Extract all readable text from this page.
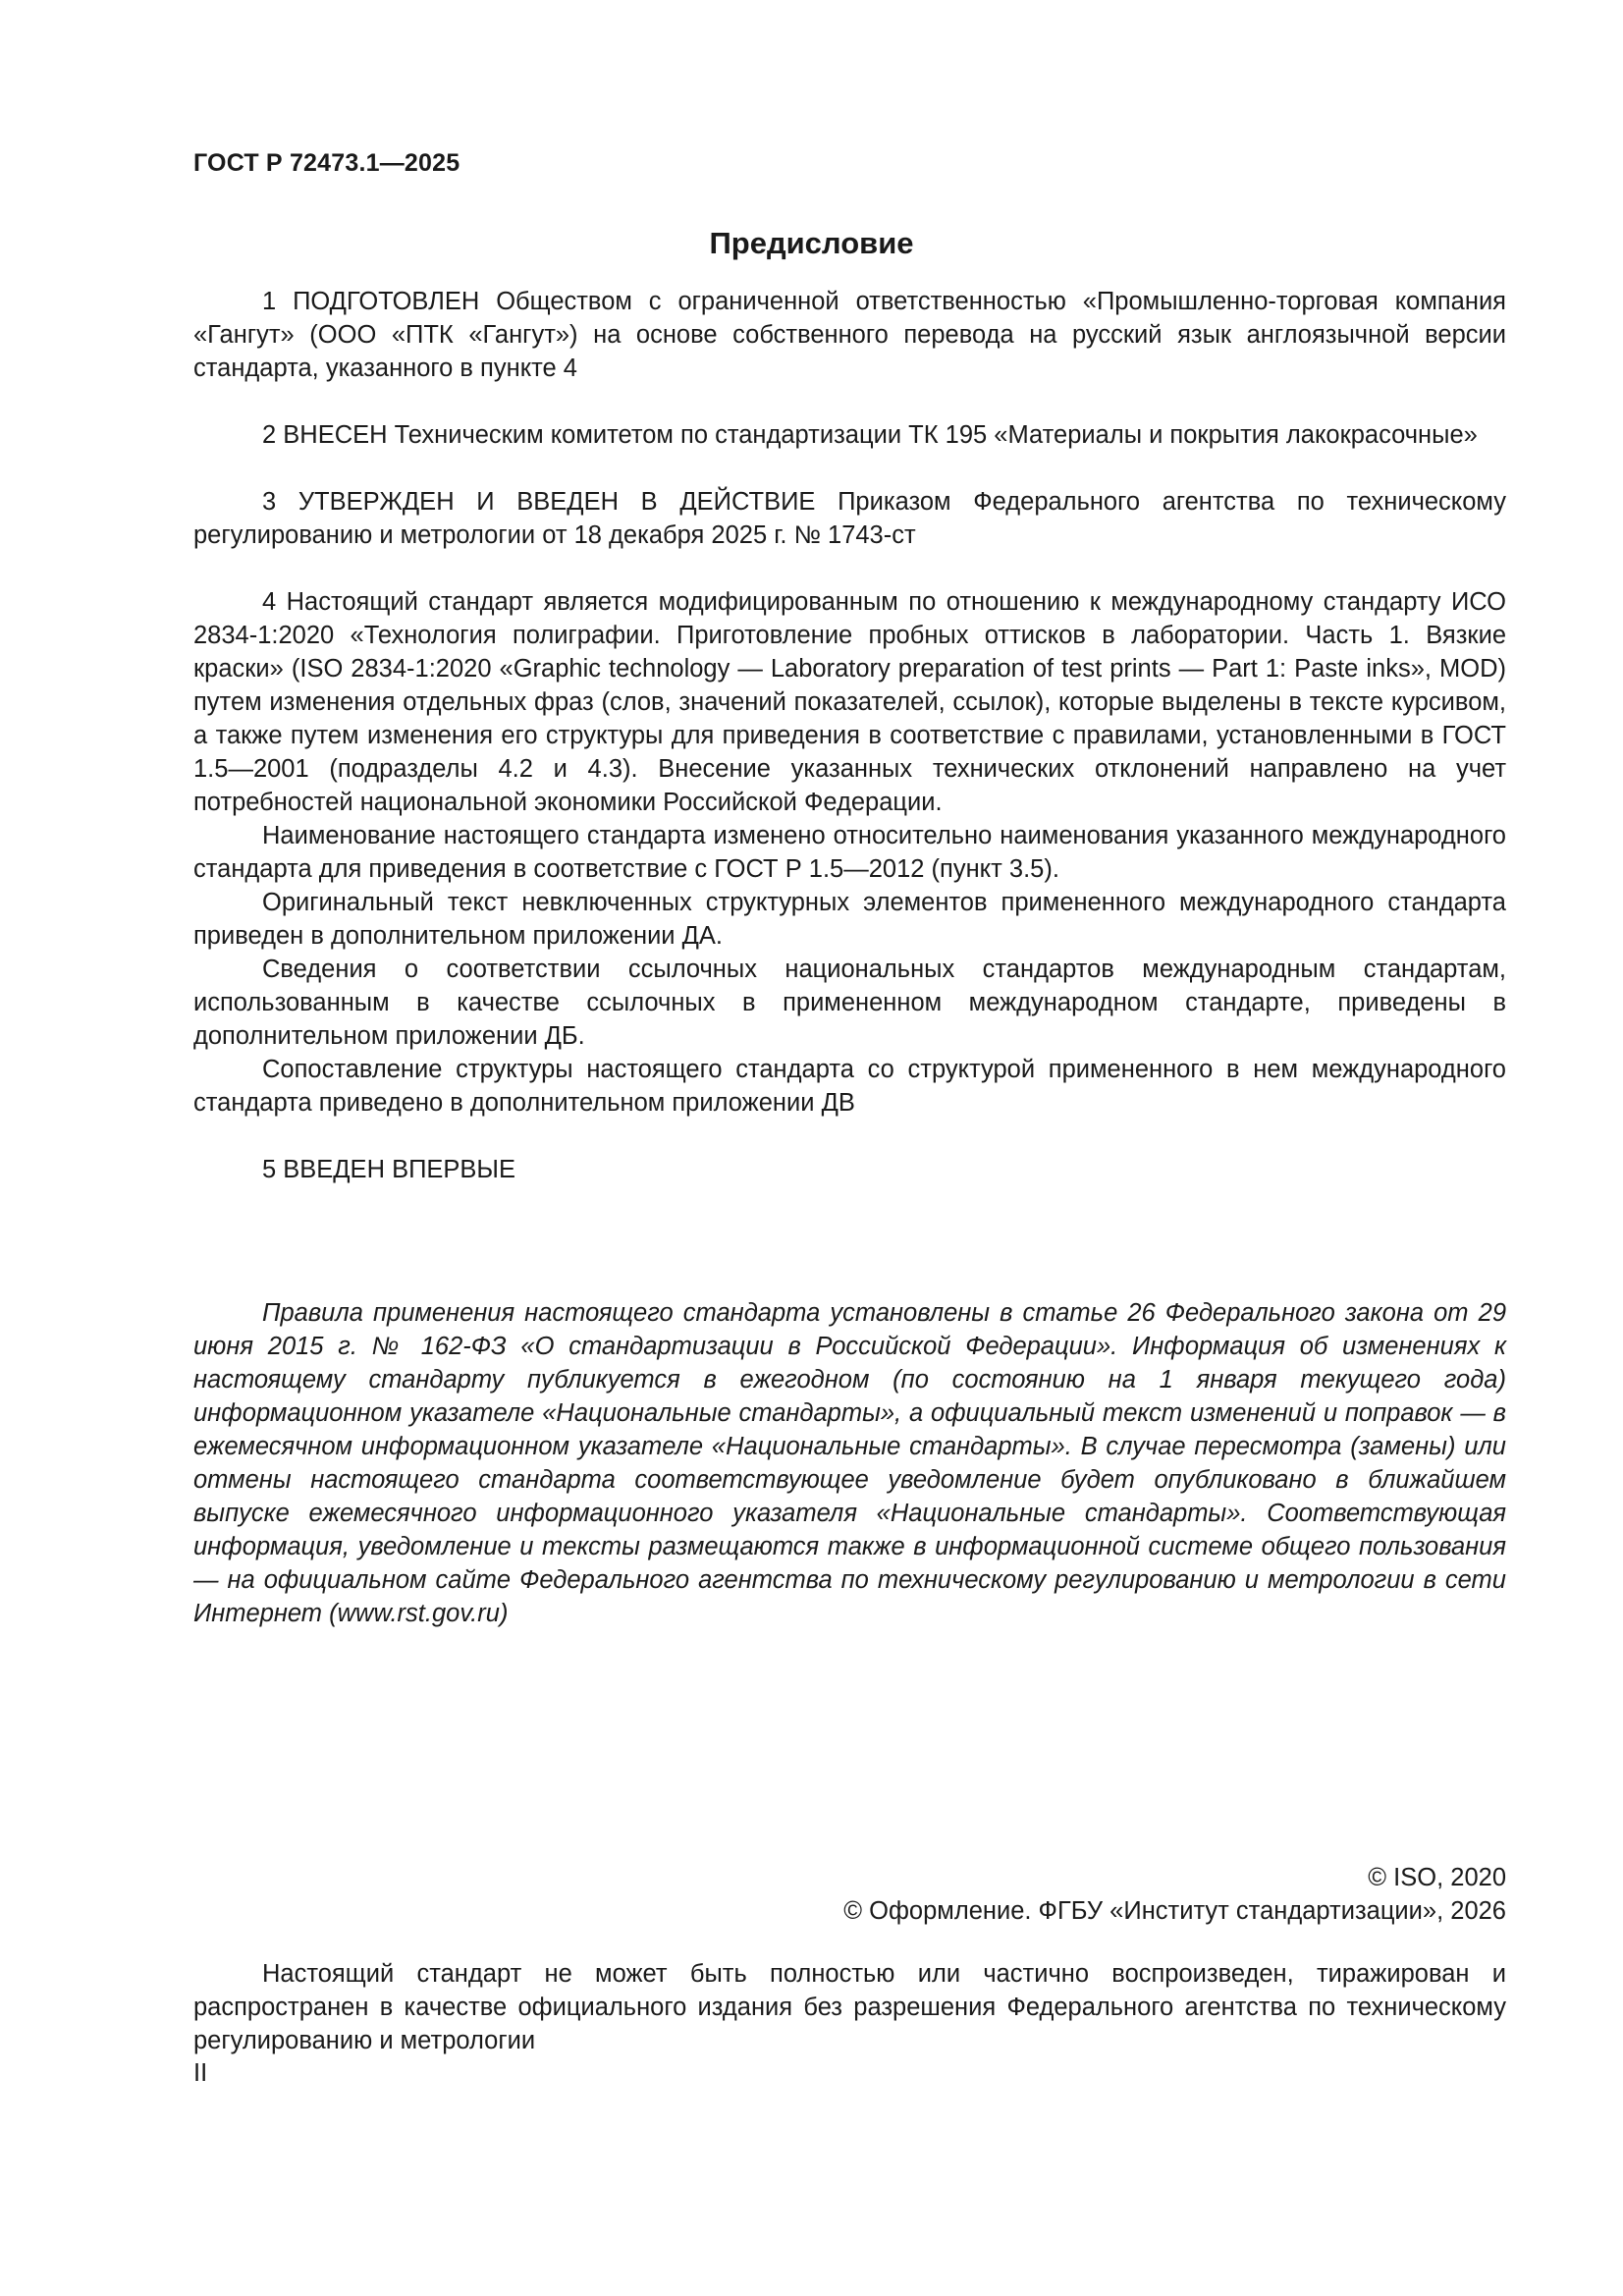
ГОСТ Р 72473.1—2025
Предисловие

1 ПОДГОТОВЛЕН Обществом с ограниченной ответственностью «Промышленно-торговая компания «Гангут» (ООО «ПТК «Гангут») на основе собственного перевода на русский язык англоязычной версии стандарта, указанного в пункте 4

2 ВНЕСЕН Техническим комитетом по стандартизации ТК 195 «Материалы и покрытия лакокрасочные»

3 УТВЕРЖДЕН И ВВЕДЕН В ДЕЙСТВИЕ Приказом Федерального агентства по техническому регулированию и метрологии от 18 декабря 2025 г. № 1743-ст

4 Настоящий стандарт является модифицированным по отношению к международному стандарту ИСО 2834-1:2020 «Технология полиграфии. Приготовление пробных оттисков в лаборатории. Часть 1. Вязкие краски» (ISO 2834-1:2020 «Graphic technology — Laboratory preparation of test prints — Part 1: Paste inks», MOD) путем изменения отдельных фраз (слов, значений показателей, ссылок), которые выделены в тексте курсивом, а также путем изменения его структуры для приведения в соответствие с правилами, установленными в ГОСТ 1.5—2001 (подразделы 4.2 и 4.3). Внесение указанных технических отклонений направлено на учет потребностей национальной экономики Российской Федерации.

Наименование настоящего стандарта изменено относительно наименования указанного международного стандарта для приведения в соответствие с ГОСТ Р 1.5—2012 (пункт 3.5).

Оригинальный текст невключенных структурных элементов примененного международного стандарта приведен в дополнительном приложении ДА.

Сведения о соответствии ссылочных национальных стандартов международным стандартам, использованным в качестве ссылочных в примененном международном стандарте, приведены в дополнительном приложении ДБ.

Сопоставление структуры настоящего стандарта со структурой примененного в нем международного стандарта приведено в дополнительном приложении ДВ

5 ВВЕДЕН ВПЕРВЫЕ

Правила применения настоящего стандарта установлены в статье 26 Федерального закона от 29 июня 2015 г. № 162-ФЗ «О стандартизации в Российской Федерации». Информация об изменениях к настоящему стандарту публикуется в ежегодном (по состоянию на 1 января текущего года) информационном указателе «Национальные стандарты», а официальный текст изменений и поправок — в ежемесячном информационном указателе «Национальные стандарты». В случае пересмотра (замены) или отмены настоящего стандарта соответствующее уведомление будет опубликовано в ближайшем выпуске ежемесячного информационного указателя «Национальные стандарты». Соответствующая информация, уведомление и тексты размещаются также в информационной системе общего пользования — на официальном сайте Федерального агентства по техническому регулированию и метрологии в сети Интернет (www.rst.gov.ru)

© ISO, 2020
© Оформление. ФГБУ «Институт стандартизации», 2026

Настоящий стандарт не может быть полностью или частично воспроизведен, тиражирован и распространен в качестве официального издания без разрешения Федерального агентства по техническому регулированию и метрологии

II
